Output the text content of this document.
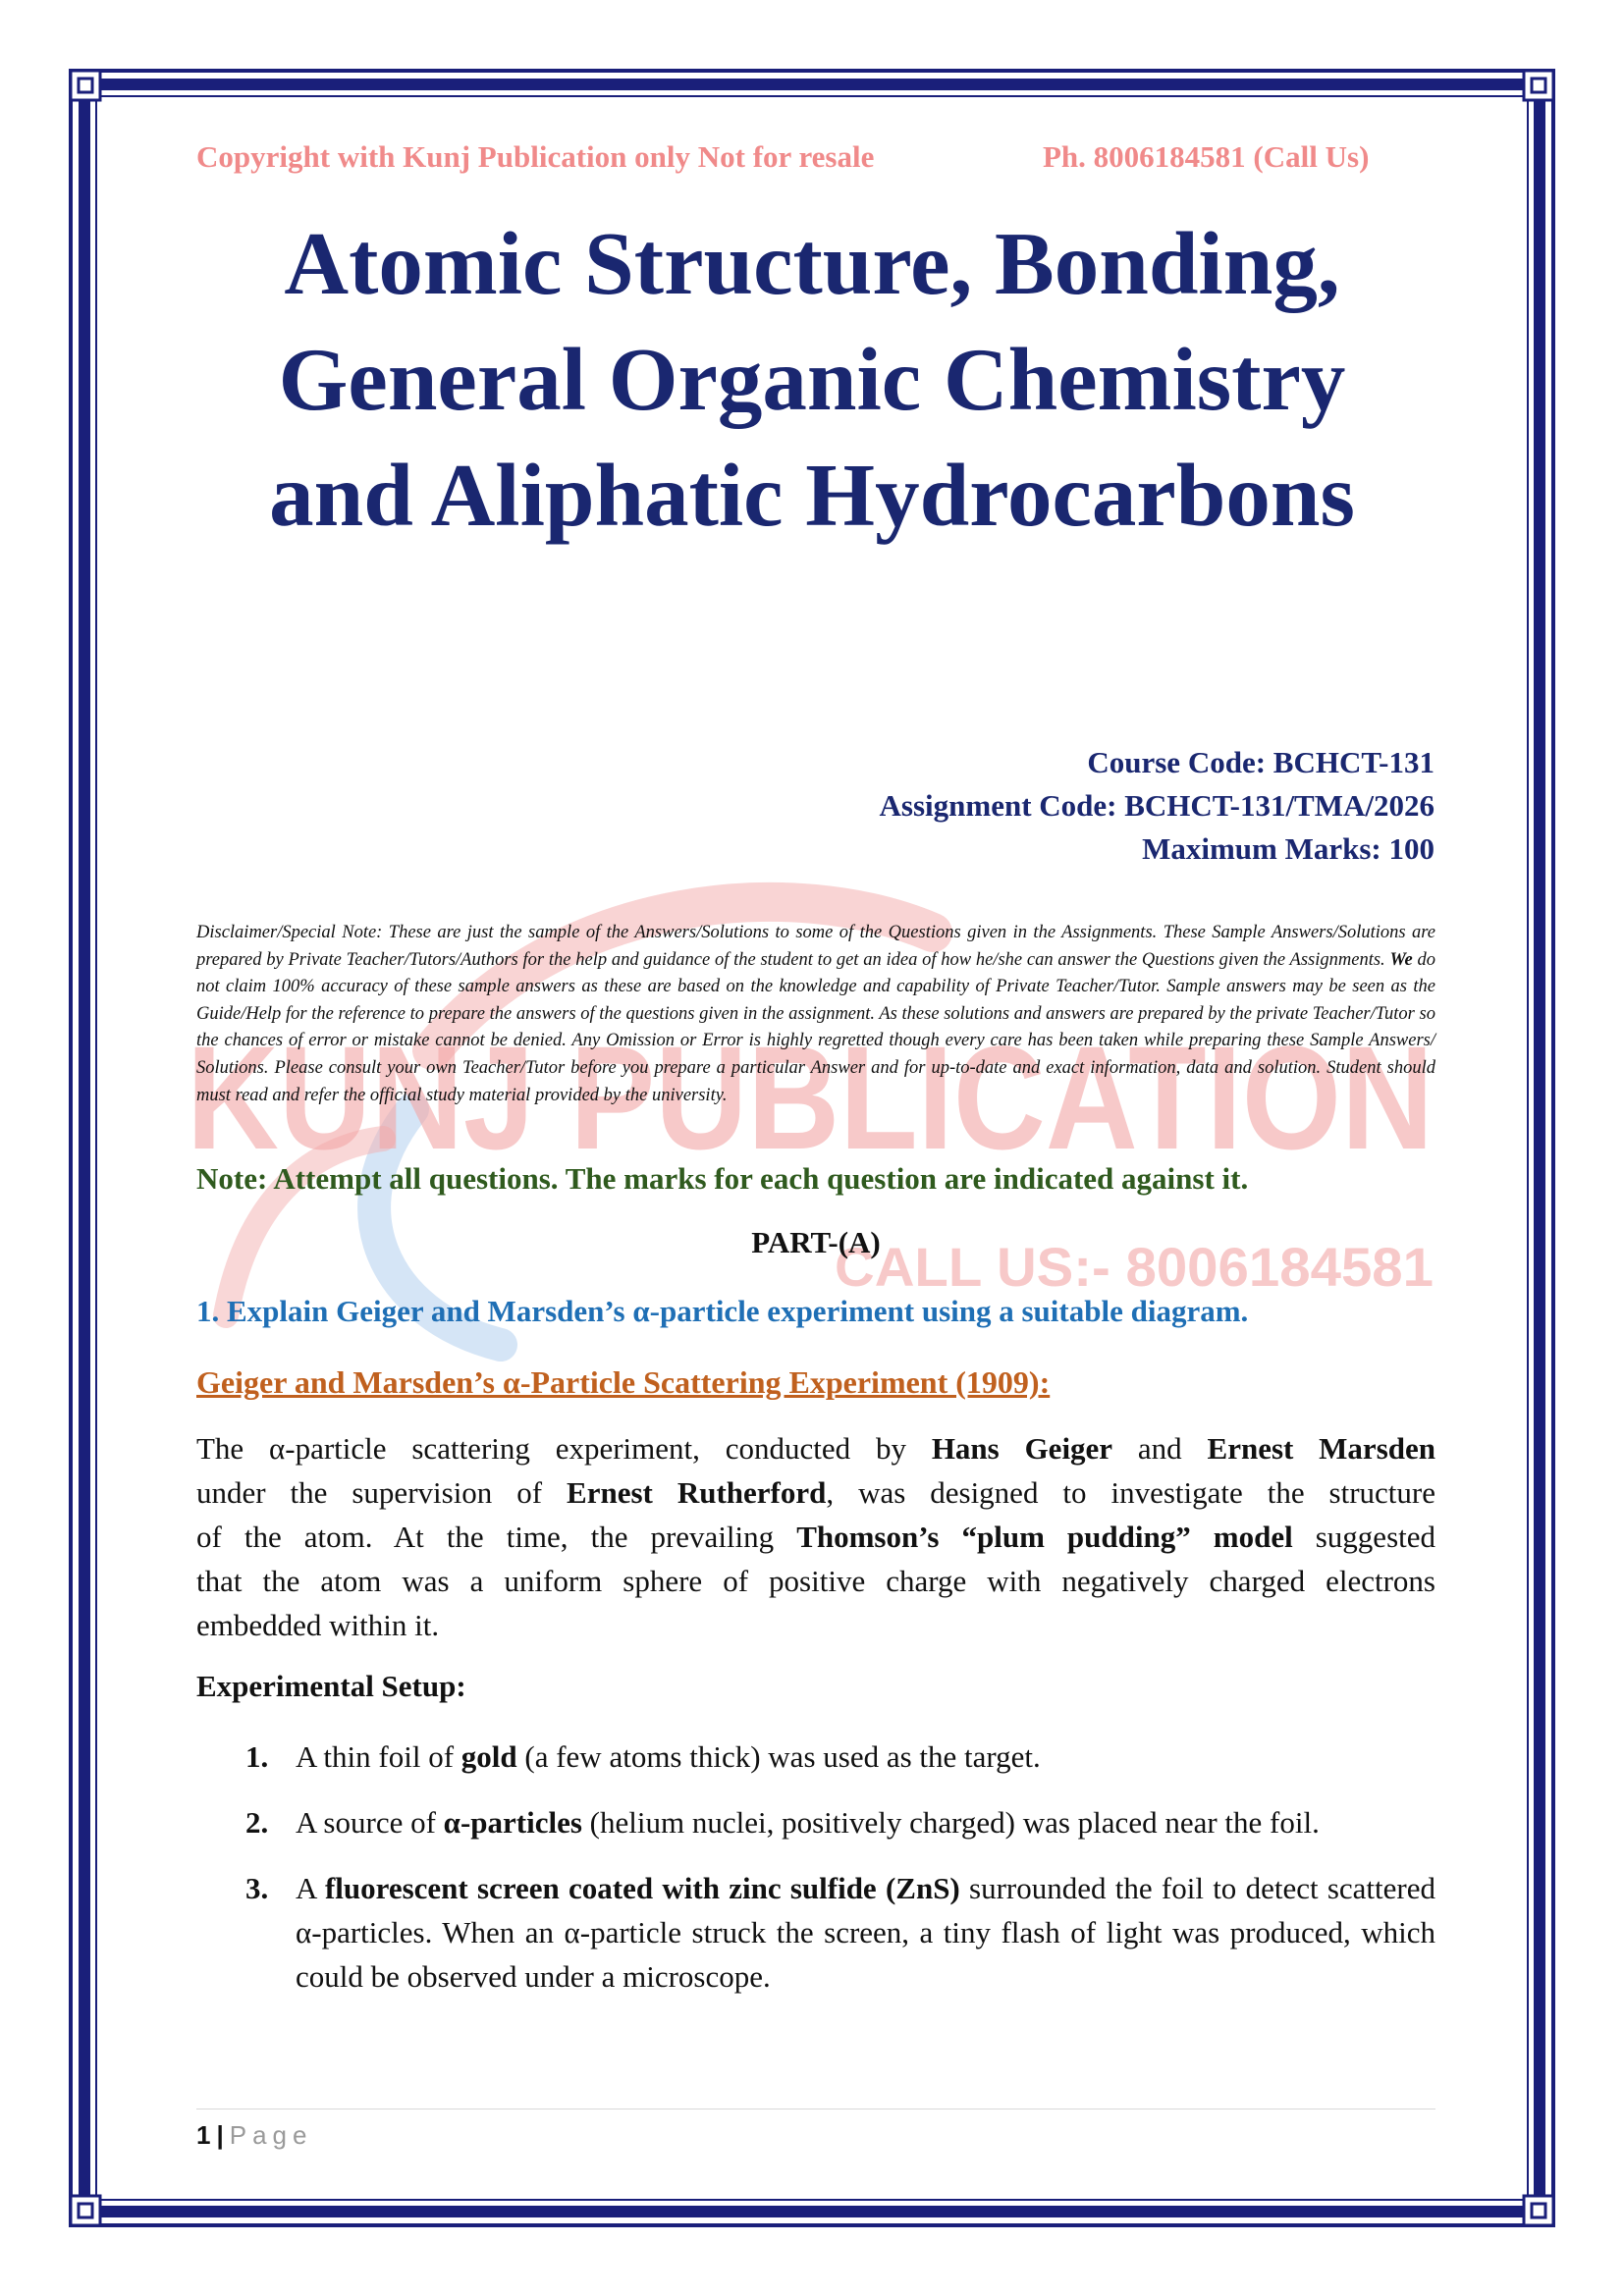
KUNJ PUBLICATION
CALL US:- 8006184581
Copyright with Kunj Publication only Not for resale	Ph. 8006184581 (Call Us)
Atomic Structure, Bonding,
General Organic Chemistry
and Aliphatic Hydrocarbons
Course Code: BCHCT-131
Assignment Code: BCHCT-131/TMA/2026
Maximum Marks: 100
Disclaimer/Special Note: These are just the sample of the Answers/Solutions to some of the Questions given in the Assignments. These Sample Answers/Solutions are prepared by Private Teacher/Tutors/Authors for the help and guidance of the student to get an idea of how he/she can answer the Questions given the Assignments. We do not claim 100% accuracy of these sample answers as these are based on the knowledge and capability of Private Teacher/Tutor. Sample answers may be seen as the Guide/Help for the reference to prepare the answers of the questions given in the assignment. As these solutions and answers are prepared by the private Teacher/Tutor so the chances of error or mistake cannot be denied. Any Omission or Error is highly regretted though every care has been taken while preparing these Sample Answers/ Solutions. Please consult your own Teacher/Tutor before you prepare a particular Answer and for up-to-date and exact information, data and solution. Student should must read and refer the official study material provided by the university.
Note: Attempt all questions. The marks for each question are indicated against it.
PART-(A)
1. Explain Geiger and Marsden’s α-particle experiment using a suitable diagram.
Geiger and Marsden’s α-Particle Scattering Experiment (1909):
The α-particle scattering experiment, conducted by Hans Geiger and Ernest Marsden
under the supervision of Ernest Rutherford, was designed to investigate the structure
of the atom. At the time, the prevailing Thomson’s “plum pudding” model suggested
that the atom was a uniform sphere of positive charge with negatively charged electrons
embedded within it.
Experimental Setup:
1. A thin foil of gold (a few atoms thick) was used as the target.
2. A source of α-particles (helium nuclei, positively charged) was placed near the foil.
3. A fluorescent screen coated with zinc sulfide (ZnS) surrounded the foil to detect scattered α-particles. When an α-particle struck the screen, a tiny flash of light was produced, which could be observed under a microscope.
1 | Page
